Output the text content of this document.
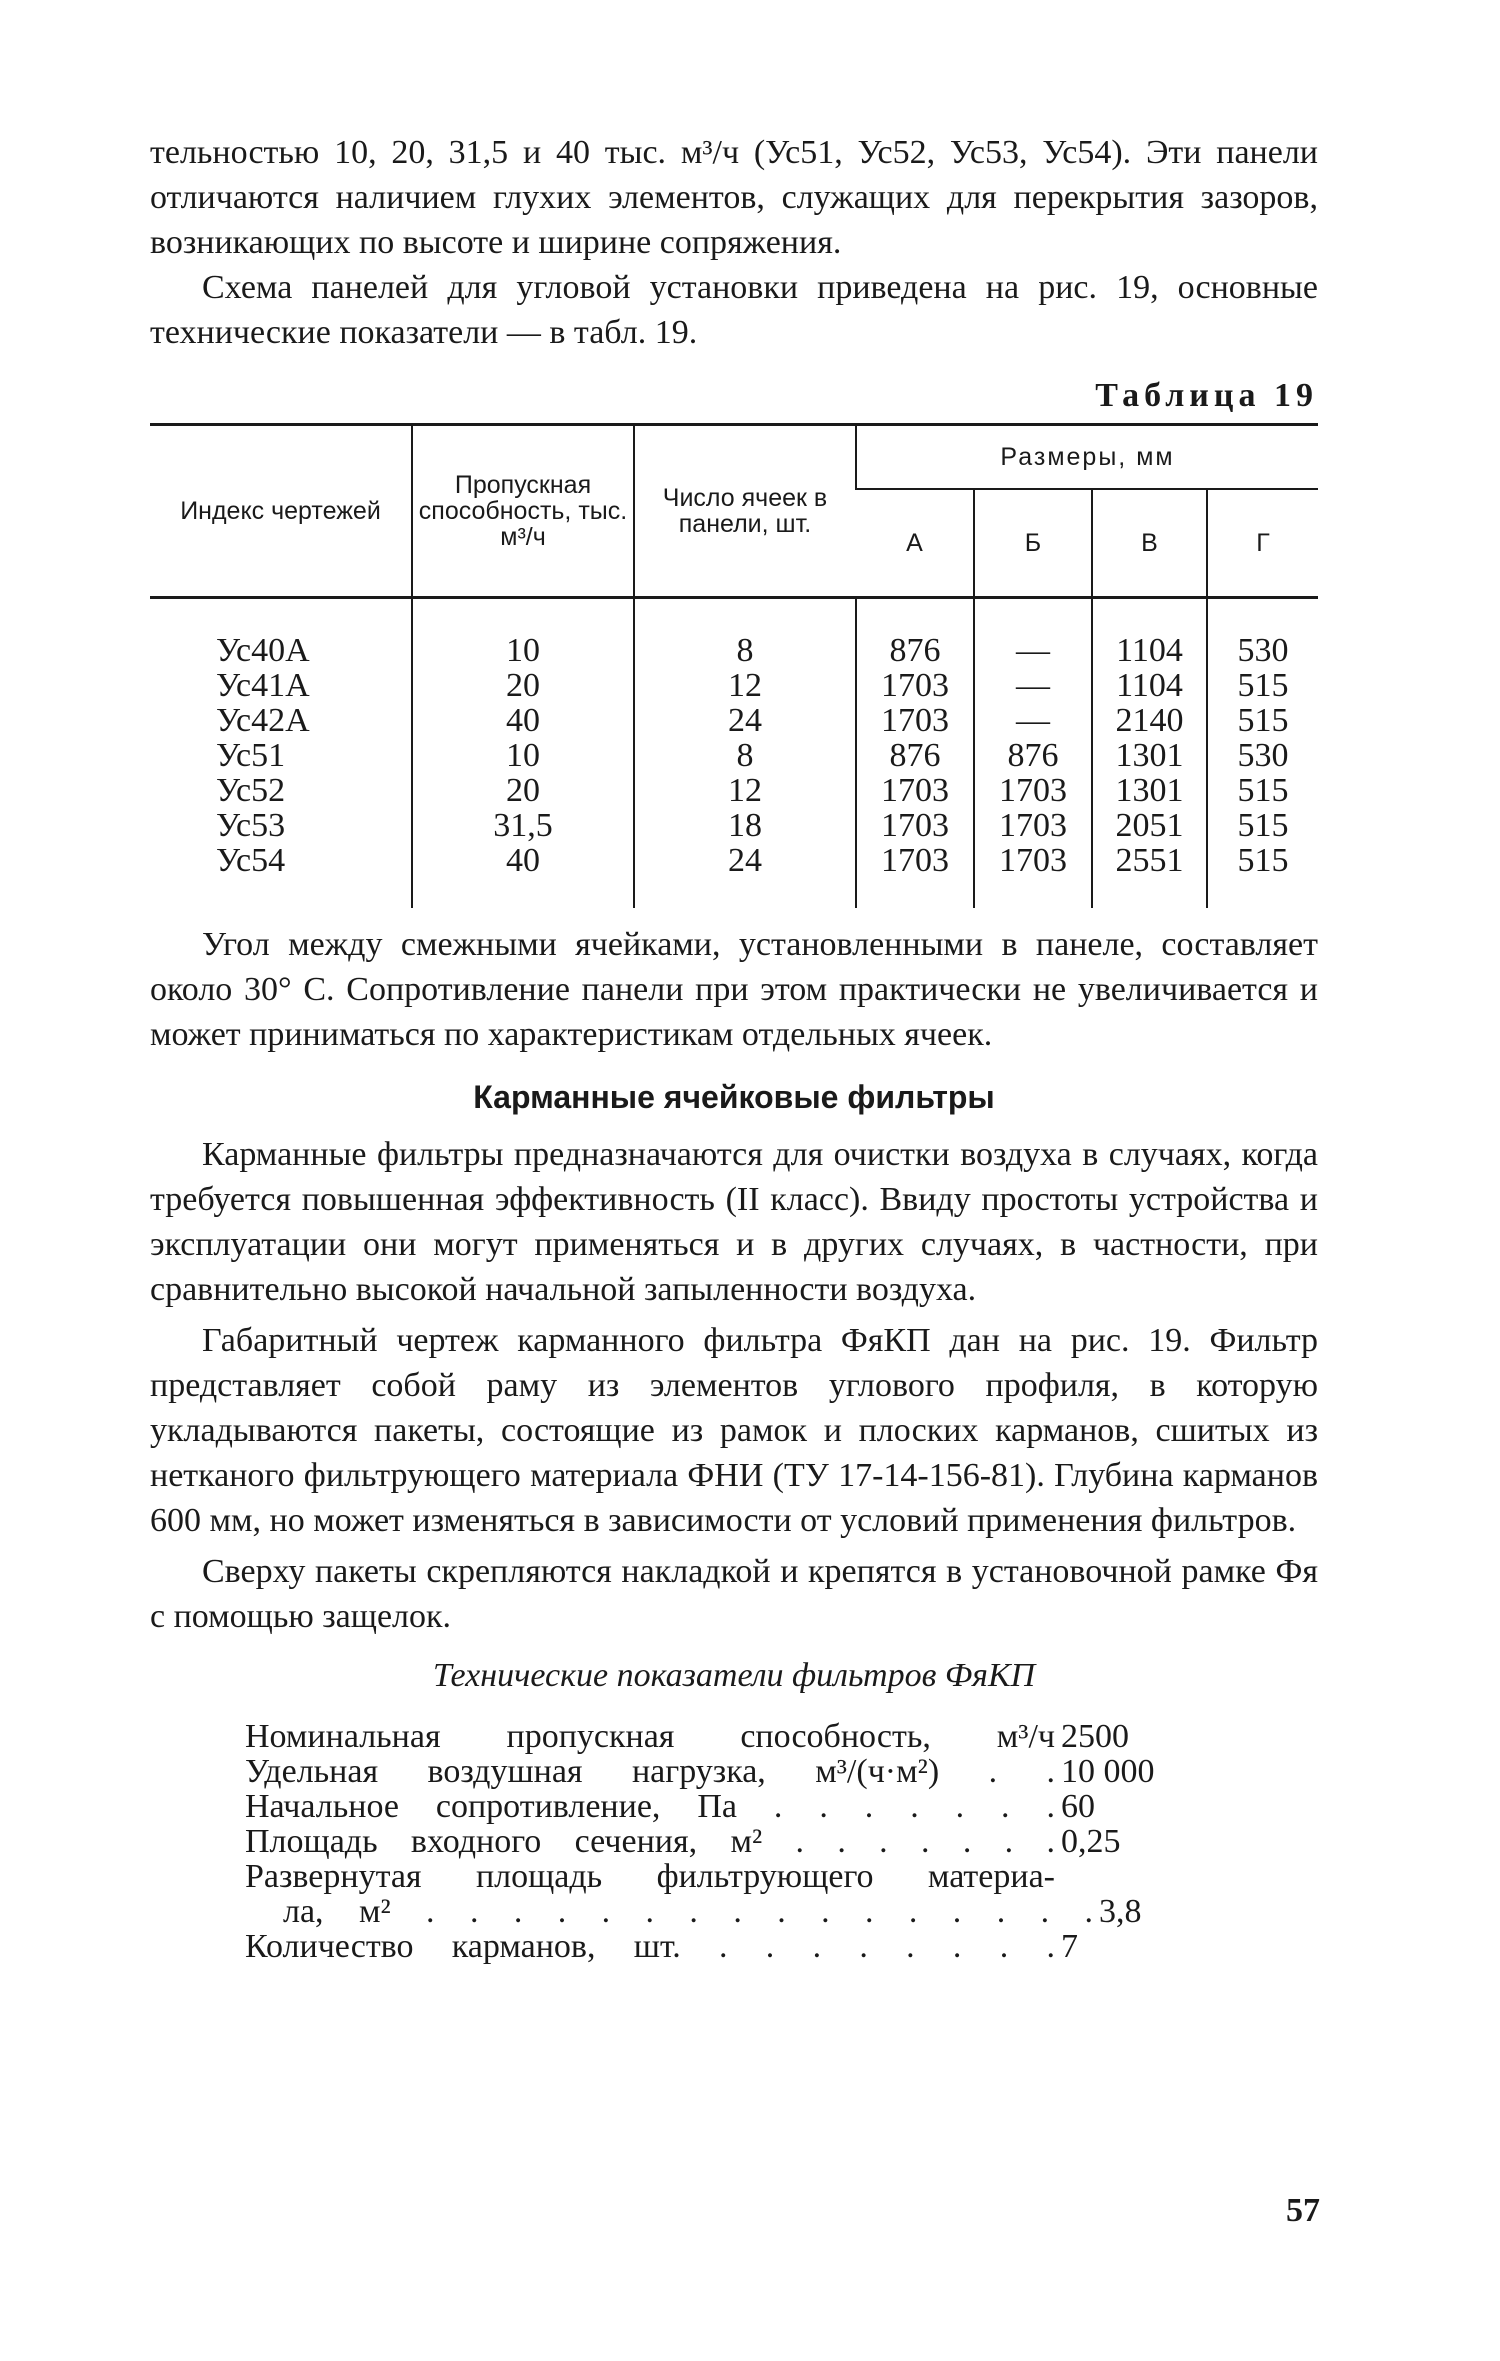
тельностью 10, 20, 31,5 и 40 тыс. м³/ч (Ус51, Ус52, Ус53, Ус54). Эти панели отличаются наличием глухих элементов, служащих для перекрытия зазоров, возникающих по высоте и ширине сопряжения.

Схема панелей для угловой установки приведена на рис. 19, основные технические показатели — в табл. 19.

Таблица 19
Индекс чертежей	Пропускная способность, тыс. м³/ч	Число ячеек в панели, шт.	Размеры, мм			
			А	Б	В	Г
Ус40А	10	8	876	—	1104	530
Ус41А	20	12	1703	—	1104	515
Ус42А	40	24	1703	—	2140	515
Ус51	10	8	876	876	1301	530
Ус52	20	12	1703	1703	1301	515
Ус53	31,5	18	1703	1703	2051	515
Ус54	40	24	1703	1703	2551	515

Угол между смежными ячейками, установленными в панеле, составляет около 30° С. Сопротивление панели при этом практически не увеличивается и может приниматься по характеристикам отдельных ячеек.

Карманные ячейковые фильтры

Карманные фильтры предназначаются для очистки воздуха в случаях, когда требуется повышенная эффективность (II класс). Ввиду простоты устройства и эксплуатации они могут применяться и в других случаях, в частности, при сравнительно высокой начальной запыленности воздуха.

Габаритный чертеж карманного фильтра ФяКП дан на рис. 19. Фильтр представляет собой раму из элементов углового профиля, в которую укладываются пакеты, состоящие из рамок и плоских карманов, сшитых из нетканого фильтрующего материала ФНИ (ТУ 17-14-156-81). Глубина карманов 600 мм, но может изменяться в зависимости от условий применения фильтров.

Сверху пакеты скрепляются накладкой и крепятся в установочной рамке Фя с помощью защелок.

Технические показатели фильтров ФяКП
Номинальная пропускная способность, м³/ч 2500
Удельная воздушная нагрузка, м³/(ч·м²) . . 10 000
Начальное сопротивление, Па . . . . . . . 60
Площадь входного сечения, м² . . . . . . . 0,25
Развернутая площадь фильтрующего материа-
ла, м² . . . . . . . . . . . . . . . . 3,8
Количество карманов, шт. . . . . . . . . 7
57
